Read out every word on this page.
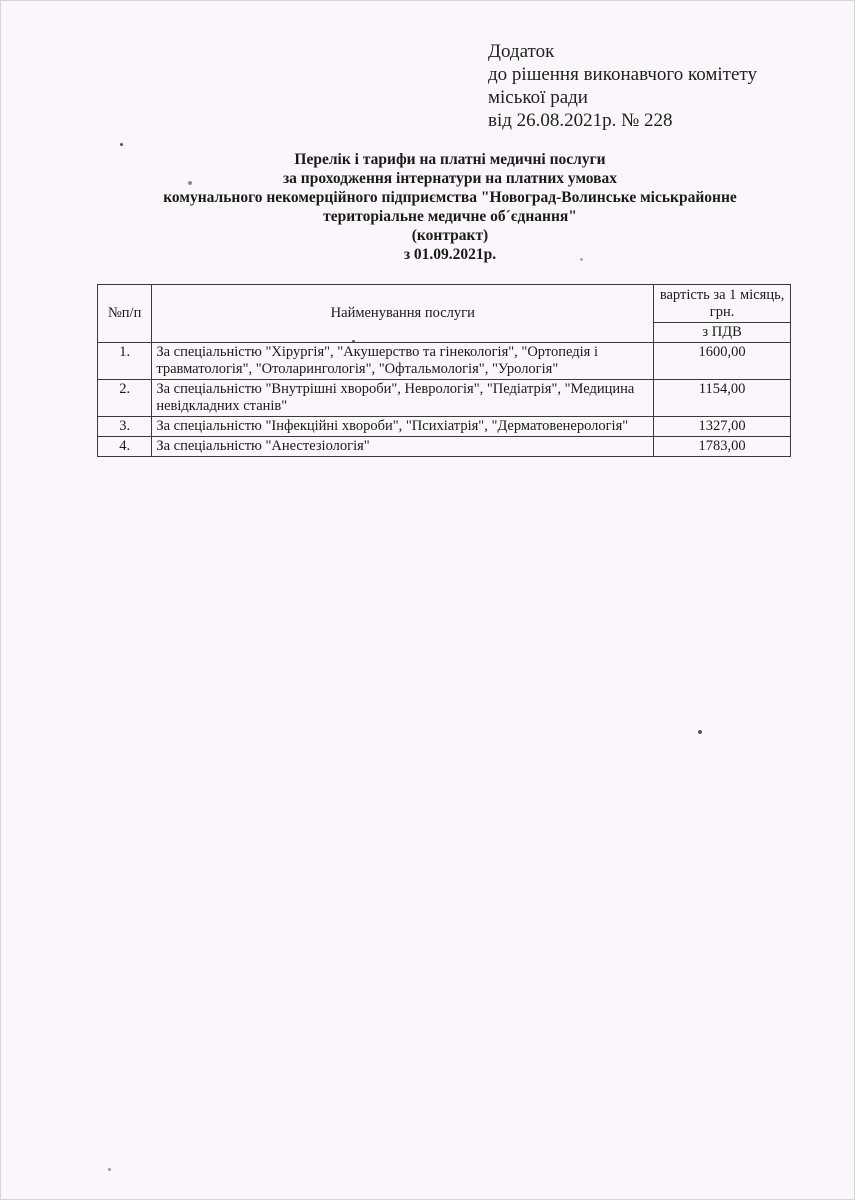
Додаток
до рішення виконавчого комітету
міської ради
від 26.08.2021р. № 228
Перелік і тарифи на платні медичні послуги
за проходження інтернатури на платних умовах
комунального некомерційного підприємства "Новоград-Волинське міськрайонне
територіальне медичне об´єднання"
(контракт)
з 01.09.2021р.
№п/п	Найменування послуги	вартість за 1 місяць, грн.
		з ПДВ
1.	За спеціальністю "Хірургія", "Акушерство та гінекологія", "Ортопедія і травматологія", "Отоларингологія", "Офтальмологія", "Урологія"	1600,00
2.	За спеціальністю "Внутрішні хвороби", Неврологія", "Педіатрія", "Медицина невідкладних станів"	1154,00
3.	За спеціальністю "Інфекційні хвороби", "Психіатрія", "Дерматовенерологія"	1327,00
4.	За спеціальністю "Анестезіологія"	1783,00
